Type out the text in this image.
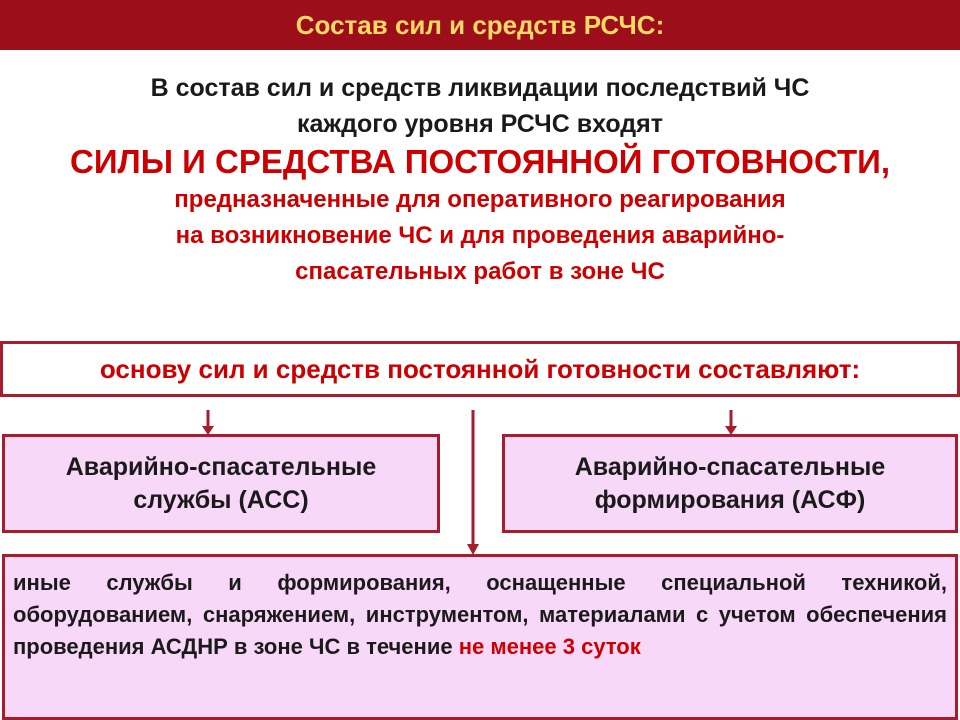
Состав сил и средств РСЧС:
В состав сил и средств ликвидации последствий ЧС
каждого уровня РСЧС входят
СИЛЫ И СРЕДСТВА ПОСТОЯННОЙ ГОТОВНОСТИ,
предназначенные для оперативного реагирования
на возникновение ЧС и для проведения аварийно-
спасательных работ в зоне ЧС
основу сил и средств постоянной готовности составляют:
Аварийно-спасательные
службы (АСС)
Аварийно-спасательные
формирования (АСФ)
иные службы и формирования, оснащенные специальной техникой, оборудованием, снаряжением, инструментом, материалами с учетом обеспечения проведения АСДНР в зоне ЧС в течение не менее 3 суток
